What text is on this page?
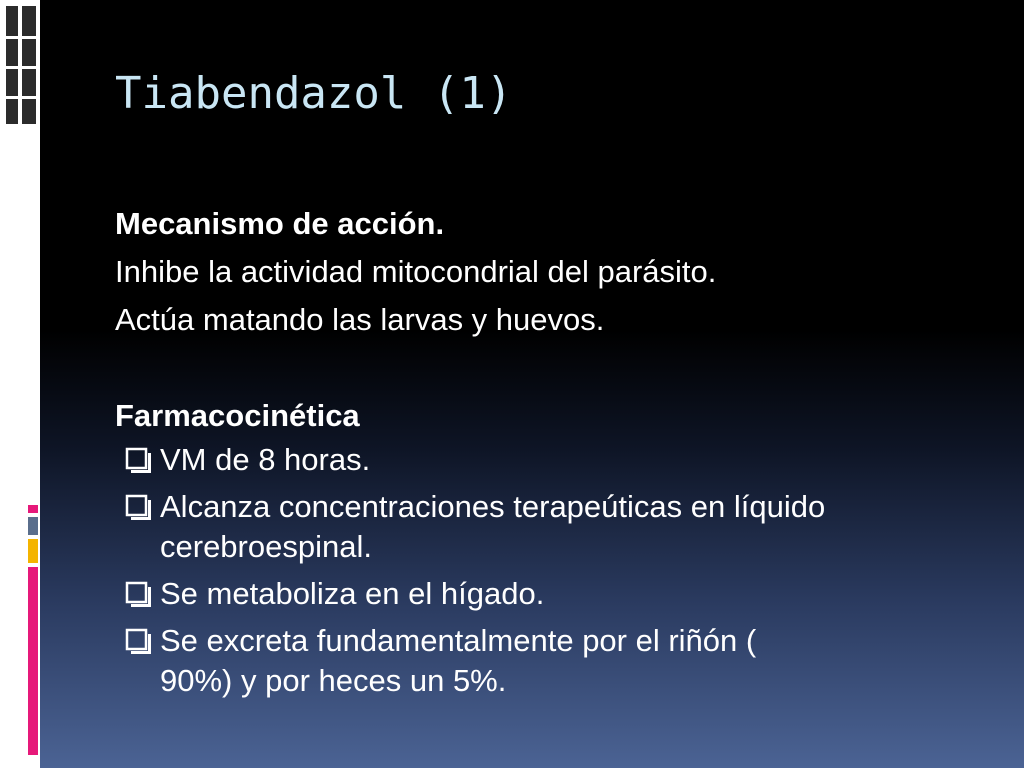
Tiabendazol (1)

Mecanismo de acción.

Inhibe la actividad mitocondrial del parásito.

Actúa matando las larvas y huevos.

Farmacocinética

VM de 8 horas.
Alcanza concentraciones terapeúticas en líquido
cerebroespinal.
Se metaboliza en el hígado.
Se excreta fundamentalmente por el riñón (
90%) y por heces un 5%.
